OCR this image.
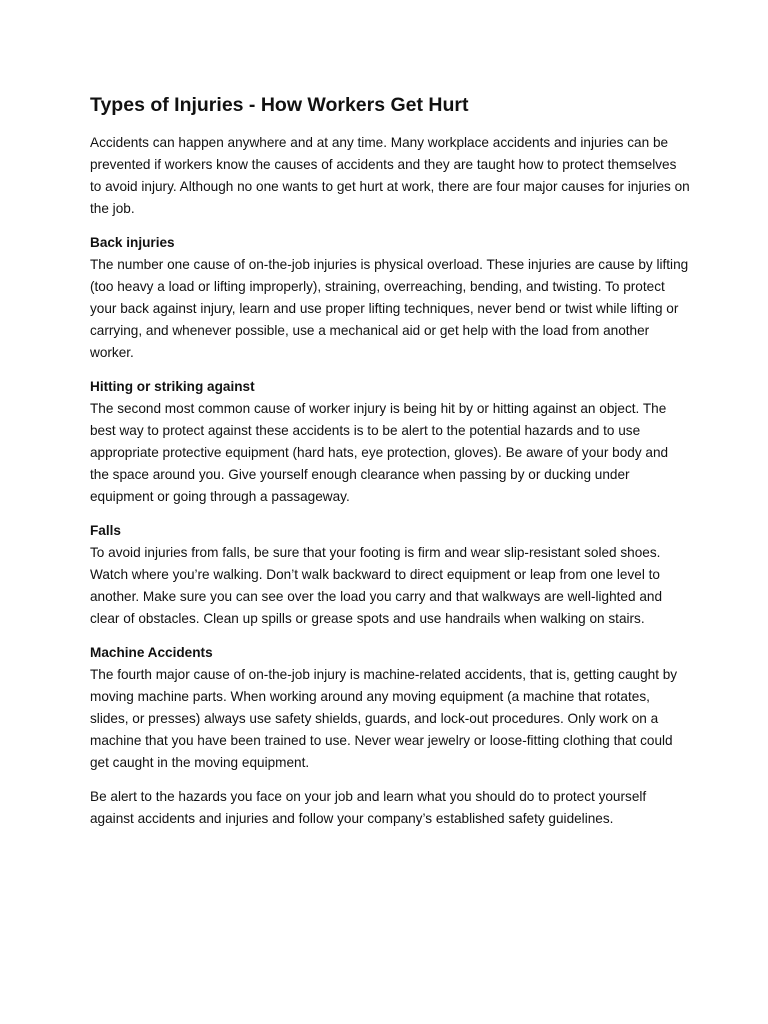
Types of Injuries - How Workers Get Hurt

Accidents can happen anywhere and at any time. Many workplace accidents and injuries can be prevented if workers know the causes of accidents and they are taught how to protect themselves to avoid injury. Although no one wants to get hurt at work, there are four major causes for injuries on the job.

Back injuries

The number one cause of on-the-job injuries is physical overload. These injuries are cause by lifting (too heavy a load or lifting improperly), straining, overreaching, bending, and twisting. To protect your back against injury, learn and use proper lifting techniques, never bend or twist while lifting or carrying, and whenever possible, use a mechanical aid or get help with the load from another worker.

Hitting or striking against

The second most common cause of worker injury is being hit by or hitting against an object. The best way to protect against these accidents is to be alert to the potential hazards and to use appropriate protective equipment (hard hats, eye protection, gloves). Be aware of your body and the space around you. Give yourself enough clearance when passing by or ducking under equipment or going through a passageway.

Falls

To avoid injuries from falls, be sure that your footing is firm and wear slip-resistant soled shoes. Watch where you’re walking. Don’t walk backward to direct equipment or leap from one level to another. Make sure you can see over the load you carry and that walkways are well-lighted and clear of obstacles. Clean up spills or grease spots and use handrails when walking on stairs.

Machine Accidents

The fourth major cause of on-the-job injury is machine-related accidents, that is, getting caught by moving machine parts. When working around any moving equipment (a machine that rotates, slides, or presses) always use safety shields, guards, and lock-out procedures. Only work on a machine that you have been trained to use. Never wear jewelry or loose-fitting clothing that could get caught in the moving equipment.

Be alert to the hazards you face on your job and learn what you should do to protect yourself against accidents and injuries and follow your company’s established safety guidelines.
